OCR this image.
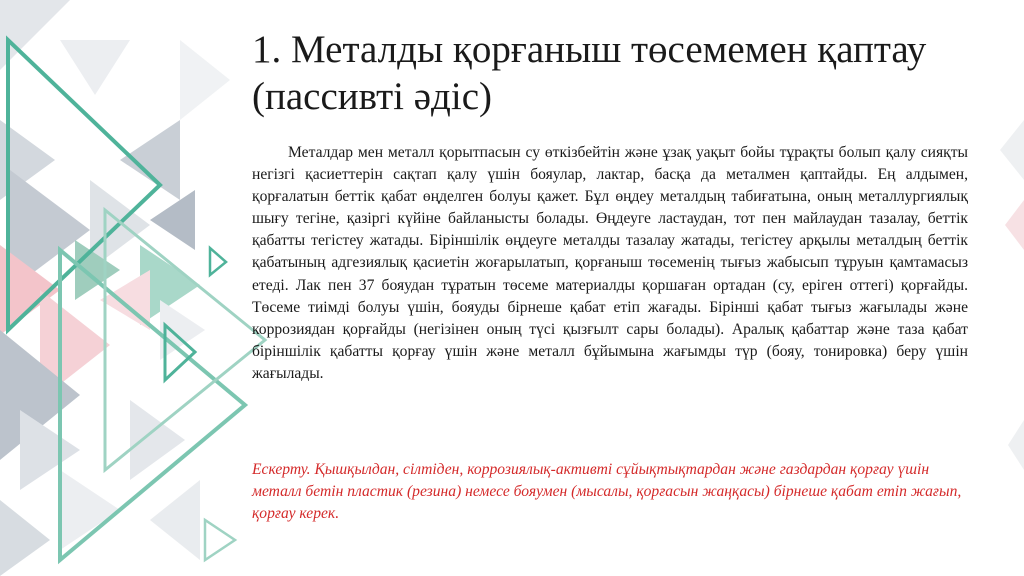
1. Металды қорғаныш төсемемен қаптау (пассивті әдіс)

Металдар мен металл қорытпасын су өткізбейтін және ұзақ уақыт бойы тұрақты болып қалу сияқты негізгі қасиеттерін сақтап қалу үшін бояулар, лактар, басқа да металмен қаптайды. Ең алдымен, қорғалатын беттік қабат өңделген болуы қажет. Бұл өңдеу металдың табиғатына, оның металлургиялық шығу тегіне, қазіргі күйіне байланысты болады. Өңдеуге ластаудан, тот пен майлаудан тазалау, беттік қабатты тегістеу жатады. Біріншілік өңдеуге металды тазалау жатады, тегістеу арқылы металдың беттік қабатының адгезиялық қасиетін жоғарылатып, қорғаныш төсеменің тығыз жабысып тұруын қамтамасыз етеді. Лак пен 37 бояудан тұратын төсеме материалды қоршаған ортадан (су, еріген оттегі) қорғайды. Төсеме тиімді болуы үшін, бояуды бірнеше қабат етіп жағады. Бірінші қабат тығыз жағылады және коррозиядан қорғайды (негізінен оның түсі қызғылт сары болады). Аралық қабаттар және таза қабат біріншілік қабатты қорғау үшін және металл бұйымына жағымды түр (бояу, тонировка) беру үшін жағылады.

Ескерту. Қышқылдан, сілтіден, коррозиялық-активті сұйықтықтардан және газдардан қорғау үшін металл бетін пластик (резина) немесе бояумен (мысалы, қорғасын жаңқасы) бірнеше қабат етіп жағып, қорғау керек.
